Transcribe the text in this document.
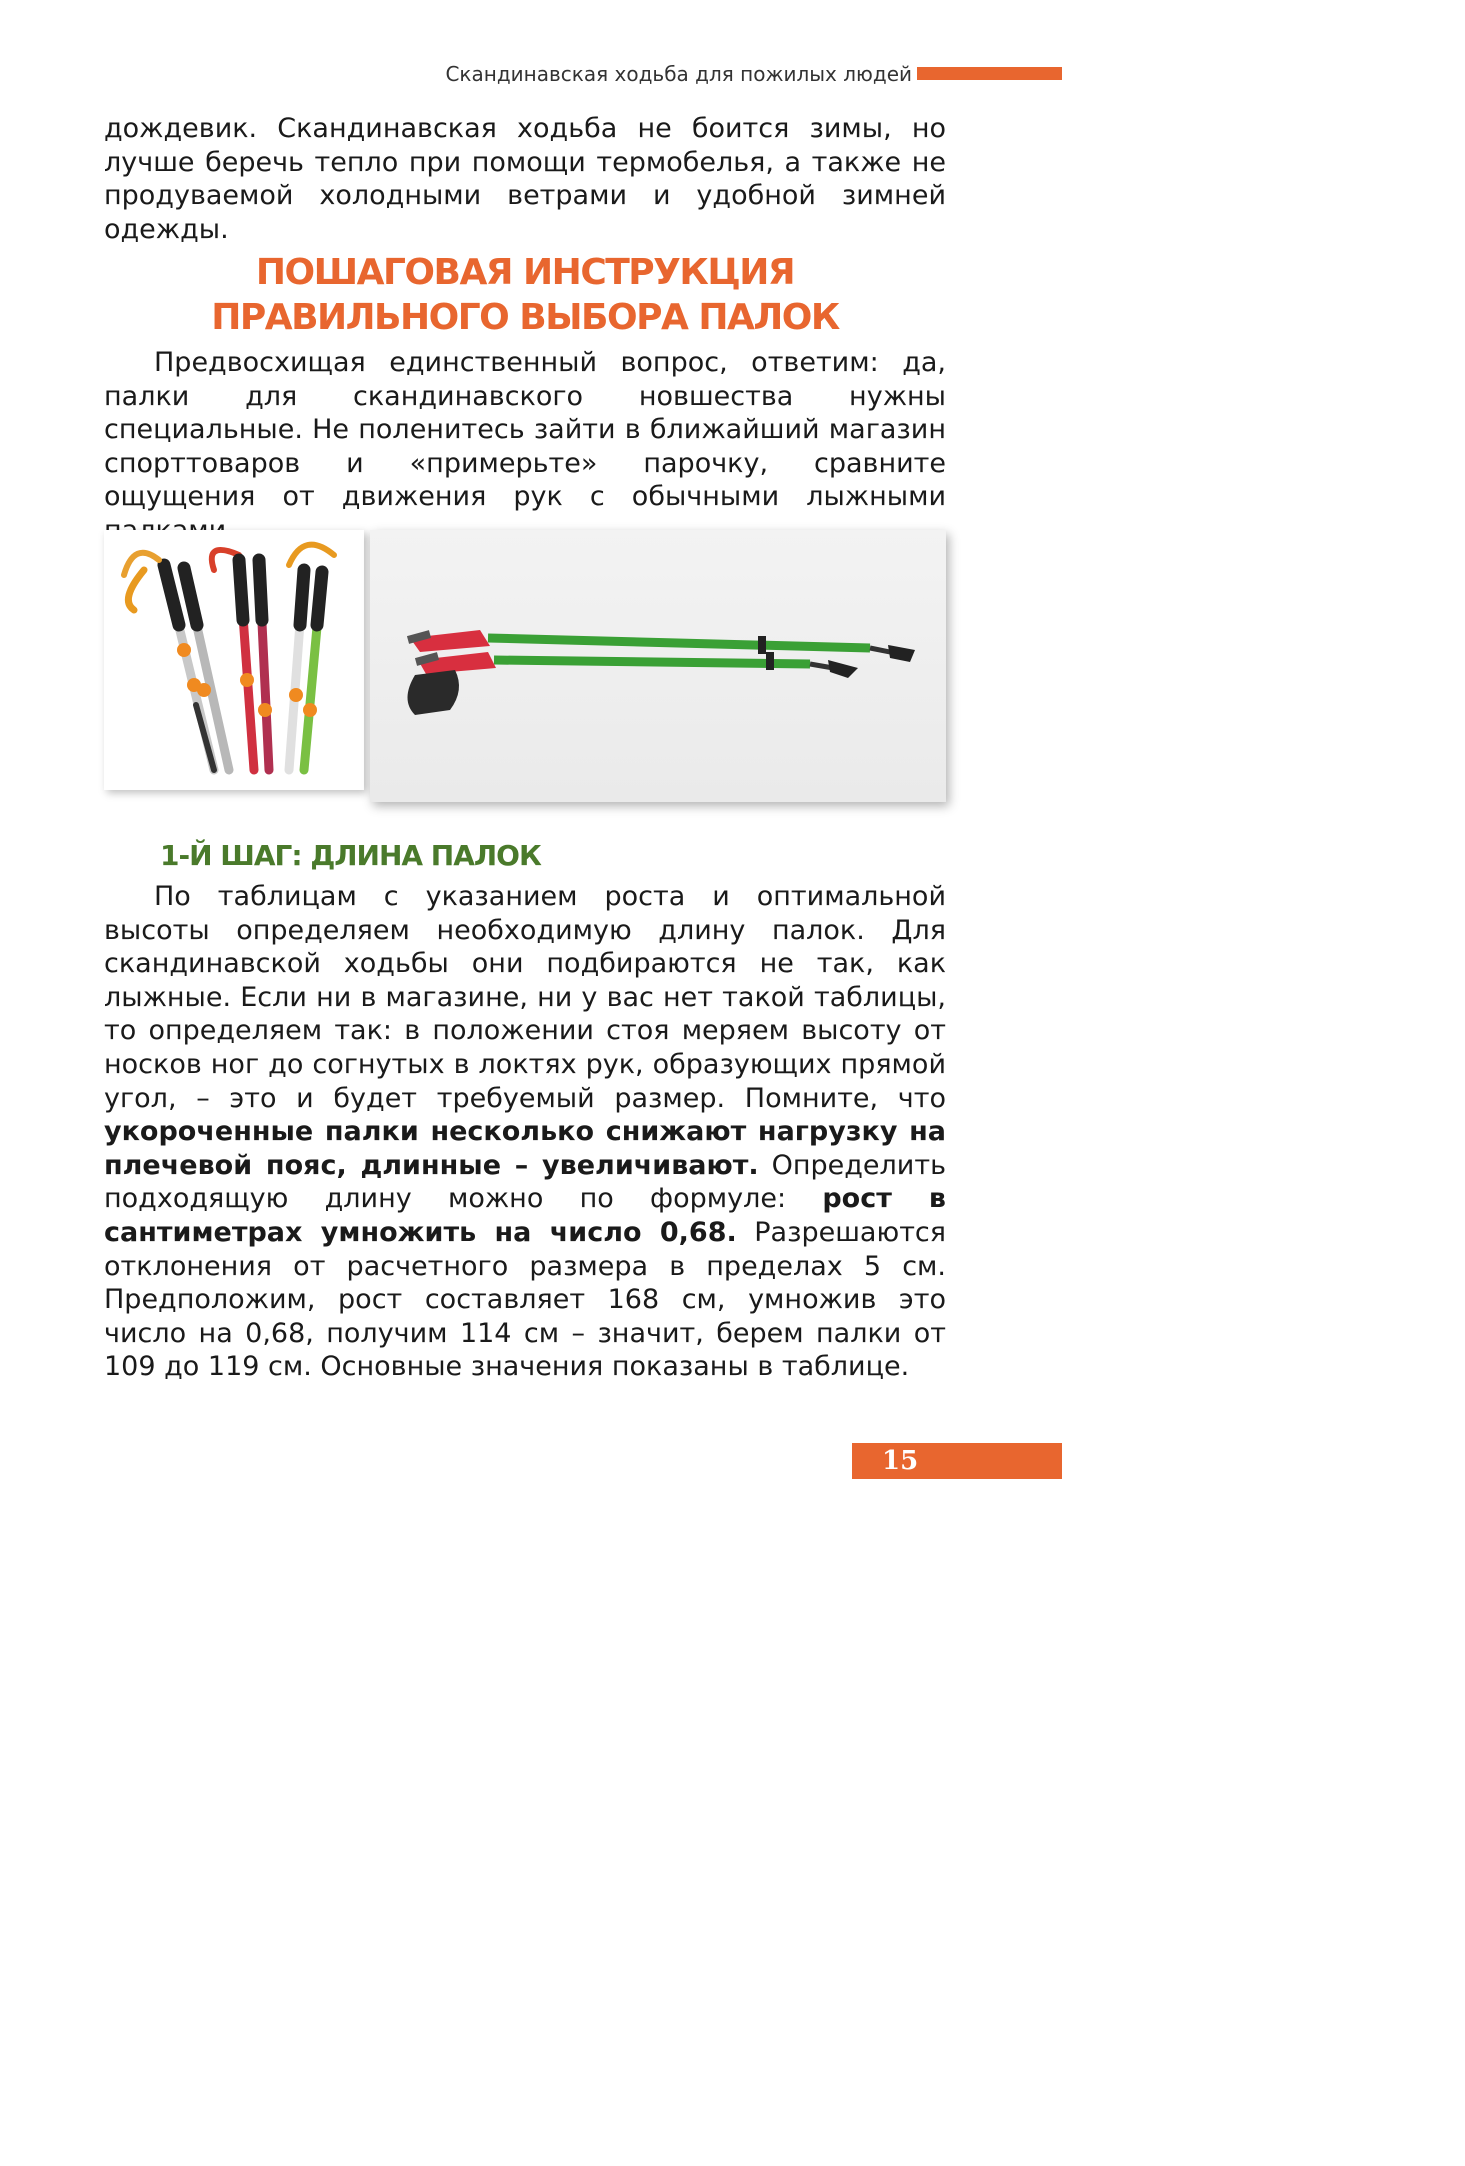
Скандинавская ходьба для пожилых людей

дождевик. Скандинавская ходьба не боится зимы, но лучше беречь тепло при помощи термобелья, а также не продуваемой холодными ветрами и удобной зимней одежды.

ПОШАГОВАЯ ИНСТРУКЦИЯ
ПРАВИЛЬНОГО ВЫБОРА ПАЛОК

Предвосхищая единственный вопрос, ответим: да, палки для скандинавского новшества нужны специальные. Не поленитесь зайти в ближайший магазин спорттоваров и «примерьте» парочку, сравните ощущения от движения рук с обычными лыжными

1-Й ШАГ: ДЛИНА ПАЛОК

По таблицам с указанием роста и оптимальной высоты определяем необходимую длину палок. Для скандинавской ходьбы они подбираются не так, как лыжные. Если ни в магазине, ни у вас нет такой таблицы, то определяем так: в положении стоя меряем высоту от носков ног до согнутых в локтях рук, образующих прямой угол, – это и будет требуемый размер. Помните, что укороченные палки несколько снижают нагрузку на плечевой пояс, длинные – увеличивают. Определить подходящую длину можно по формуле: рост в сантиметрах умножить на число 0,68. Разрешаются отклонения от расчетного размера в пределах 5 см. Предположим, рост составляет 168 см, умножив это число на 0,68, получим 114 см – значит, берем палки от 109 до 119 см. Основные значения показаны в таблице.

15
